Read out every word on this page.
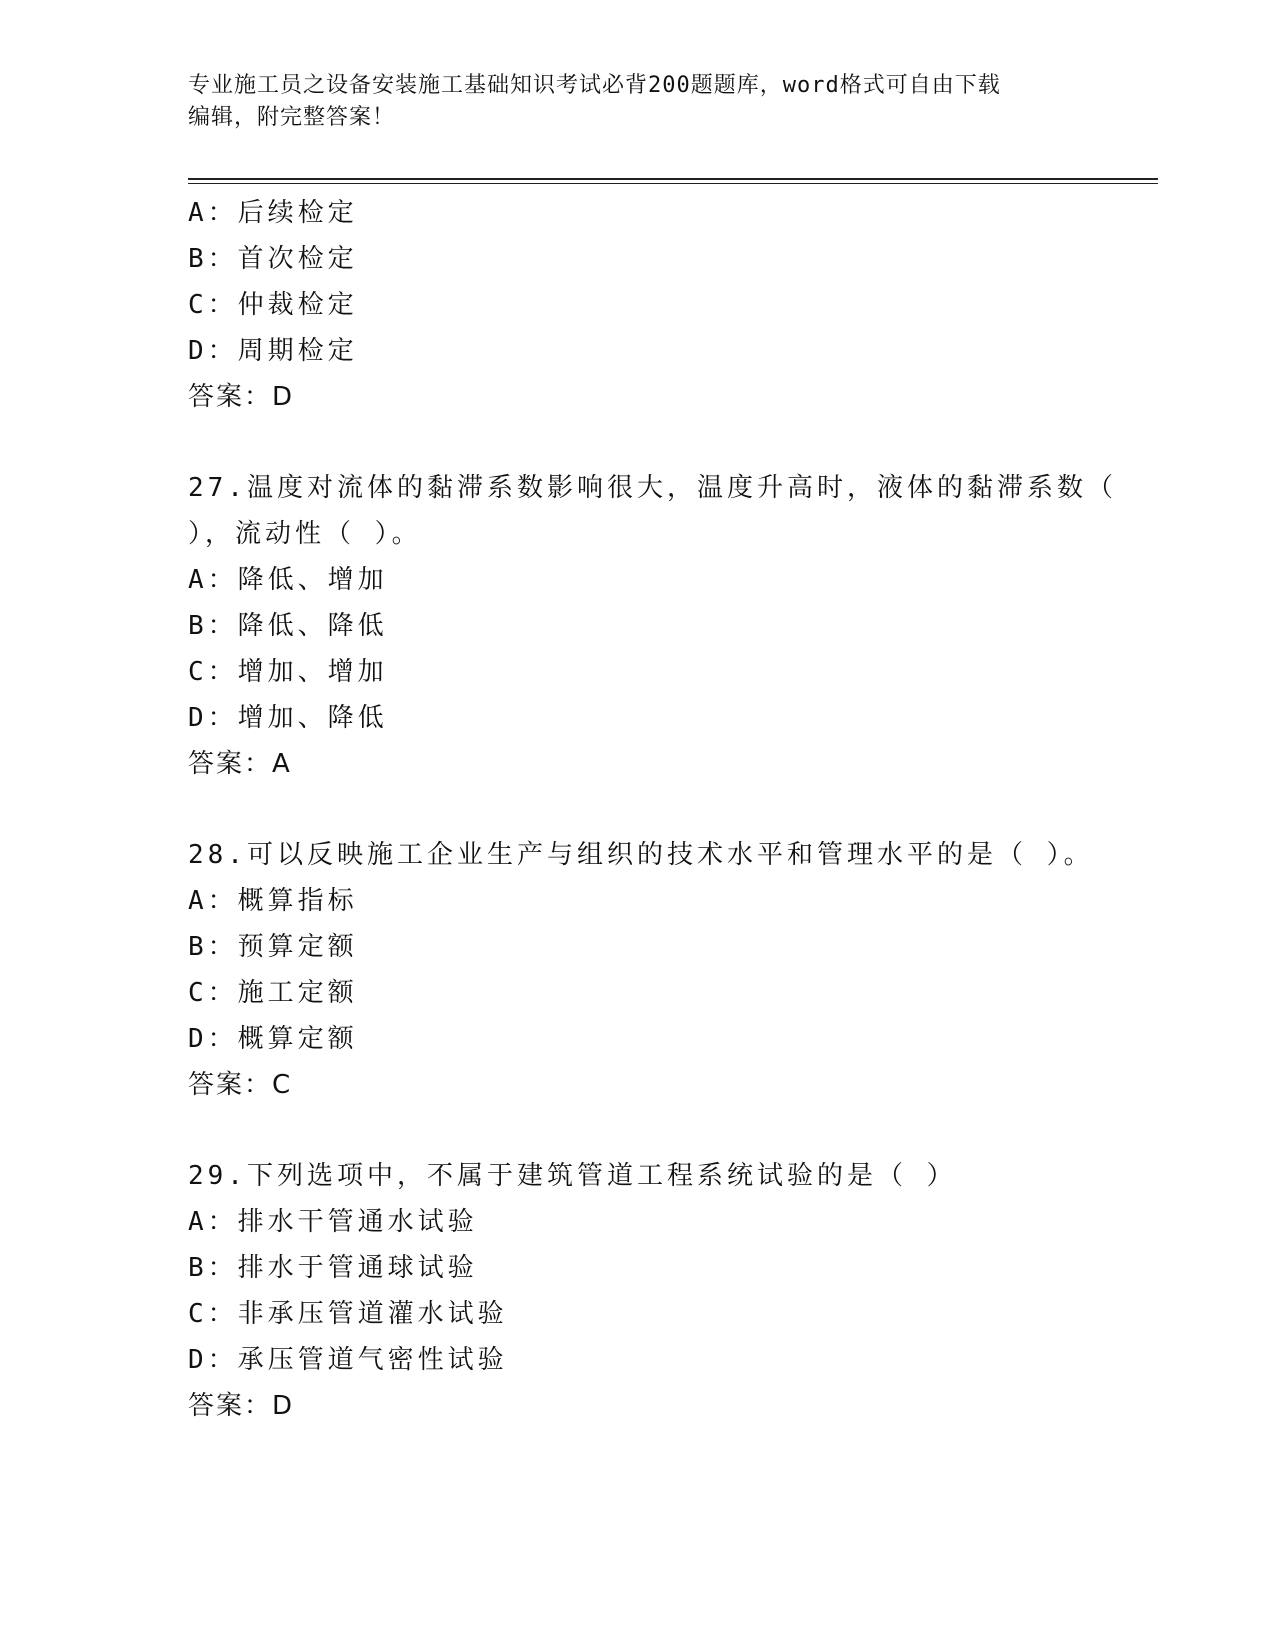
专业施工员之设备安装施工基础知识考试必背200题题库，word格式可自由下载
编辑，附完整答案！
A：后续检定
B：首次检定
C：仲裁检定
D：周期检定
答案：D
27.温度对流体的黏滞系数影响很大，温度升高时，液体的黏滞系数（
），流动性（ ）。
A：降低、增加
B：降低、降低
C：增加、增加
D：增加、降低
答案：A
28.可以反映施工企业生产与组织的技术水平和管理水平的是（ ）。
A：概算指标
B：预算定额
C：施工定额
D：概算定额
答案：C
29.下列选项中，不属于建筑管道工程系统试验的是（ ）
A：排水干管通水试验
B：排水于管通球试验
C：非承压管道灌水试验
D：承压管道气密性试验
答案：D
